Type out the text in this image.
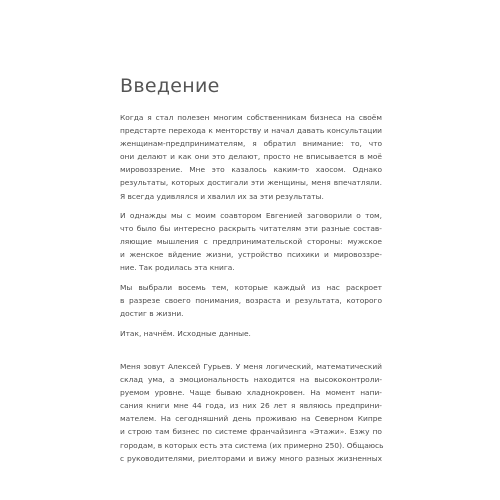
Введение
Когда я стал полезен многим собственникам бизнеса на своём
предстарте перехода к менторству и начал давать консультации
женщинам-предпринимателям, я обратил внимание: то, что
они делают и как они это делают, просто не вписывается в моё
мировоззрение. Мне это казалось каким-то хаосом. Однако
результаты, которых достигали эти женщины, меня впечатляли.
Я всегда удивлялся и хвалил их за эти результаты.
И однажды мы с моим соавтором Евгенией заговорили о том,
что было бы интересно раскрыть читателям эти разные состав-
ляющие мышления с предпринимательской стороны: мужское
и женское вйдение жизни, устройство психики и мировоззре-
ние. Так родилась эта книга.
Мы выбрали восемь тем, которые каждый из нас раскроет
в разрезе своего понимания, возраста и результата, которого
достиг в жизни.
Итак, начнём. Исходные данные.
Меня зовут Алексей Гурьев. У меня логический, математический
склад ума, а эмоциональность находится на высококонтроли-
руемом уровне. Чаще бываю хладнокровен. На момент напи-
сания книги мне 44 года, из них 26 лет я являюсь предприни-
мателем. На сегодняшний день проживаю на Северном Кипре
и строю там бизнес по системе франчайзинга «Этажи». Езжу по
городам, в которых есть эта система (их примерно 250). Общаюсь
с руководителями, риелторами и вижу много разных жизненных
